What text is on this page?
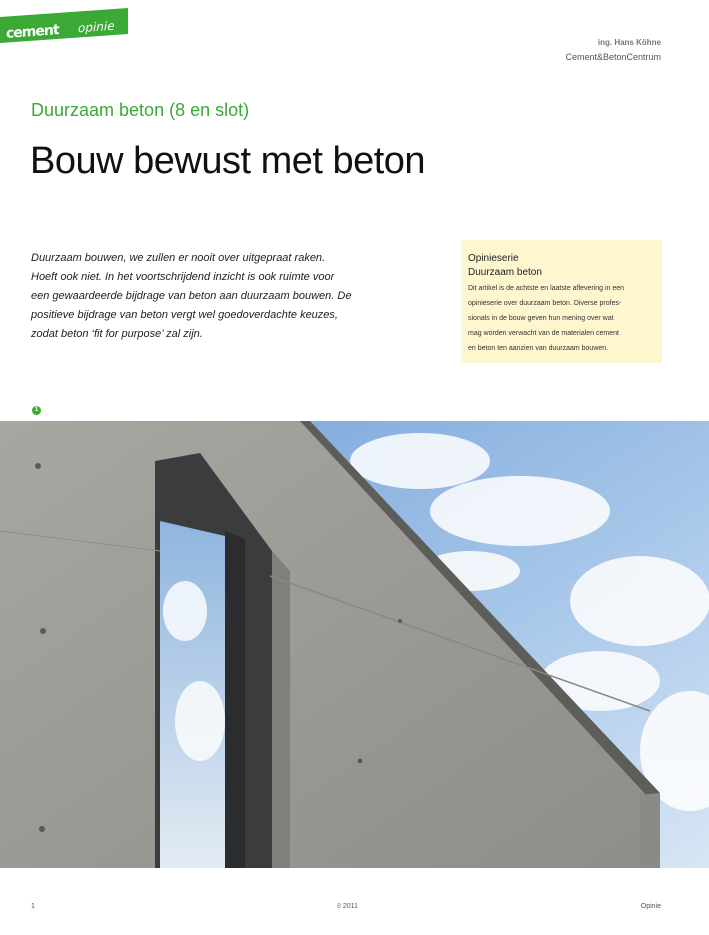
cement opinie
ing. Hans Köhne
Cement&BetonCentrum
Duurzaam beton (8 en slot)
Bouw bewust met beton
Duurzaam bouwen, we zullen er nooit over uitgepraat raken.
Hoeft ook niet. In het voortschrijdend inzicht is ook ruimte voor
een gewaardeerde bijdrage van beton aan duurzaam bouwen. De
positieve bijdrage van beton vergt wel goedoverdachte keuzes,
zodat beton ‘fit for purpose’ zal zijn.
Opinieserie
Duurzaam beton
Dit artikel is de achtste en laatste aflevering in een
opinieserie over duurzaam beton. Diverse profes-
sionals in de bouw geven hun mening over wat
mag worden verwacht van de materialen cement
en beton ten aanzien van duurzaam bouwen.
1
1	8 2011	Opinie
